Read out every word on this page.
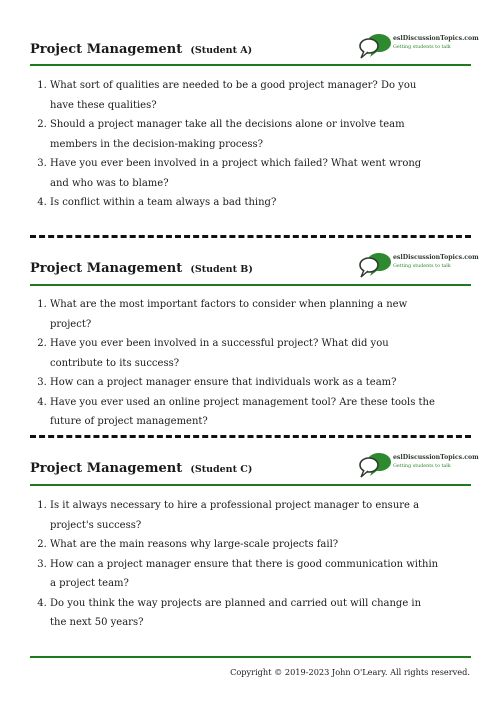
Project Management (Student A)
eslDiscussionTopics.com
Getting students to talk
1. What sort of qualities are needed to be a good project manager? Do you have these qualities?
2. Should a project manager take all the decisions alone or involve team members in the decision-making process?
3. Have you ever been involved in a project which failed? What went wrong and who was to blame?
4. Is conflict within a team always a bad thing?
Project Management (Student B)
eslDiscussionTopics.com
Getting students to talk
1. What are the most important factors to consider when planning a new project?
2. Have you ever been involved in a successful project? What did you contribute to its success?
3. How can a project manager ensure that individuals work as a team?
4. Have you ever used an online project management tool? Are these tools the future of project management?
Project Management (Student C)
eslDiscussionTopics.com
Getting students to talk
1. Is it always necessary to hire a professional project manager to ensure a project's success?
2. What are the main reasons why large-scale projects fail?
3. How can a project manager ensure that there is good communication within a project team?
4. Do you think the way projects are planned and carried out will change in the next 50 years?
Copyright © 2019-2023 John O'Leary. All rights reserved.
